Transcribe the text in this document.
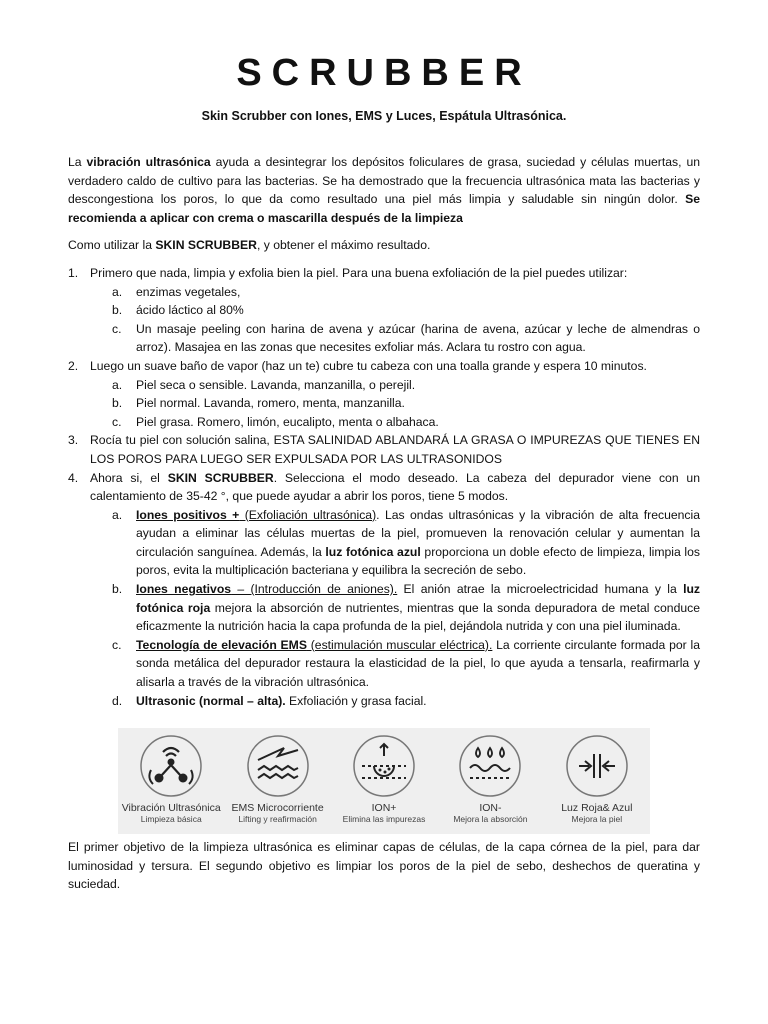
SCRUBBER
Skin Scrubber con Iones, EMS y Luces, Espátula Ultrasónica.

La vibración ultrasónica ayuda a desintegrar los depósitos foliculares de grasa, suciedad y células muertas, un verdadero caldo de cultivo para las bacterias. Se ha demostrado que la frecuencia ultrasónica mata las bacterias y descongestiona los poros, lo que da como resultado una piel más limpia y saludable sin ningún dolor. Se recomienda a aplicar con crema o mascarilla después de la limpieza

Como utilizar la SKIN SCRUBBER, y obtener el máximo resultado.

1. Primero que nada, limpia y exfolia bien la piel. Para una buena exfoliación de la piel puedes utilizar:
a. enzimas vegetales,
b. ácido láctico al 80%
c. Un masaje peeling con harina de avena y azúcar (harina de avena, azúcar y leche de almendras o arroz). Masajea en las zonas que necesites exfoliar más. Aclara tu rostro con agua.
2. Luego un suave baño de vapor (haz un te) cubre tu cabeza con una toalla grande y espera 10 minutos.
a. Piel seca o sensible. Lavanda, manzanilla, o perejil.
b. Piel normal. Lavanda, romero, menta, manzanilla.
c. Piel grasa. Romero, limón, eucalipto, menta o albahaca.
3. Rocía tu piel con solución salina, ESTA SALINIDAD ABLANDARÁ LA GRASA O IMPUREZAS QUE TIENES EN LOS POROS PARA LUEGO SER EXPULSADA POR LAS ULTRASONIDOS
4. Ahora si, el SKIN SCRUBBER. Selecciona el modo deseado. La cabeza del depurador viene con un calentamiento de 35-42 °, que puede ayudar a abrir los poros, tiene 5 modos.
a. Iones positivos + (Exfoliación ultrasónica). Las ondas ultrasónicas y la vibración de alta frecuencia ayudan a eliminar las células muertas de la piel, promueven la renovación celular y aumentan la circulación sanguínea. Además, la luz fotónica azul proporciona un doble efecto de limpieza, limpia los poros, evita la multiplicación bacteriana y equilibra la secreción de sebo.
b. Iones negativos – (Introducción de aniones). El anión atrae la microelectricidad humana y la luz fotónica roja mejora la absorción de nutrientes, mientras que la sonda depuradora de metal conduce eficazmente la nutrición hacia la capa profunda de la piel, dejándola nutrida y con una piel iluminada.
c. Tecnología de elevación EMS (estimulación muscular eléctrica). La corriente circulante formada por la sonda metálica del depurador restaura la elasticidad de la piel, lo que ayuda a tensarla, reafirmarla y alisarla a través de la vibración ultrasónica.
d. Ultrasonic (normal – alta). Exfoliación y grasa facial.
Vibración Ultrasónica
Limpieza básica
EMS Microcorriente
Lifting y reafirmación
ION+
Elimina las impurezas
ION-
Mejora la absorción
Luz Roja& Azul
Mejora la piel

El primer objetivo de la limpieza ultrasónica es eliminar capas de células, de la capa córnea de la piel, para dar luminosidad y tersura. El segundo objetivo es limpiar los poros de la piel de sebo, deshechos de queratina y suciedad.
